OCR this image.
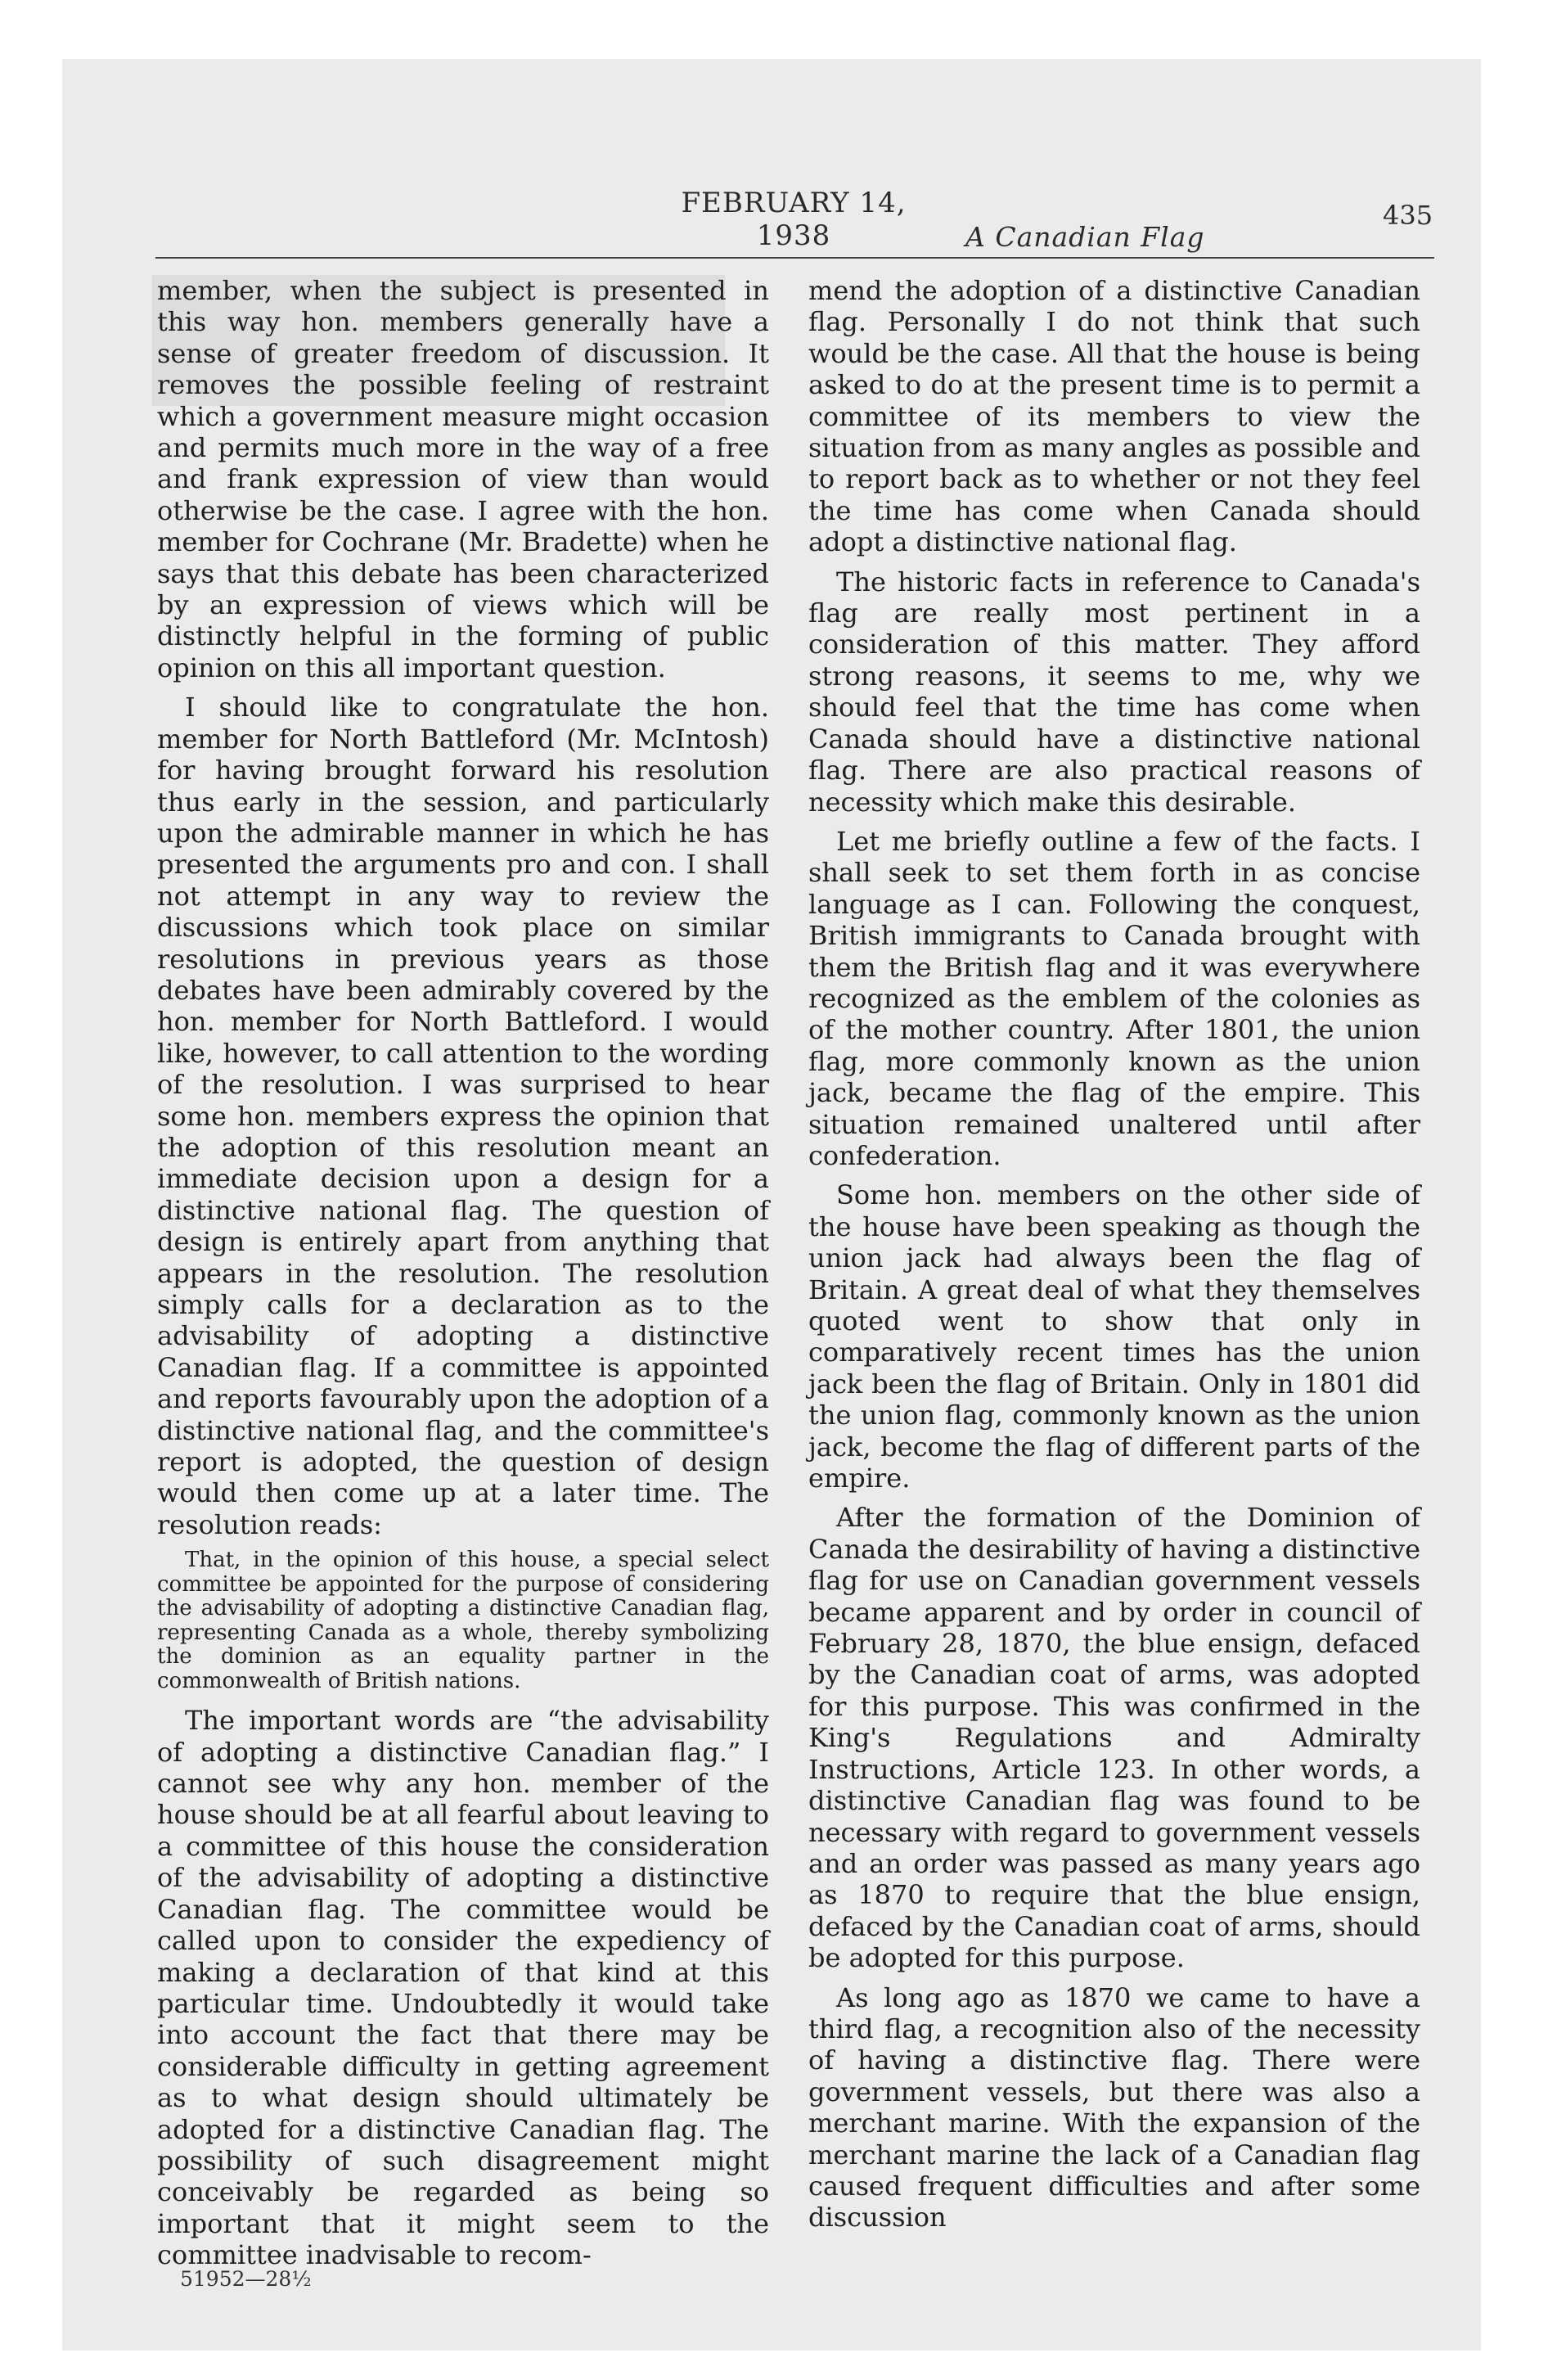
FEBRUARY 14, 1938	A Canadian Flag
435

member, when the subject is presented in this way hon. members generally have a sense of greater freedom of discussion. It removes the possible feeling of restraint which a government measure might occasion and permits much more in the way of a free and frank expression of view than would otherwise be the case. I agree with the hon. member for Cochrane (Mr. Bradette) when he says that this debate has been characterized by an expression of views which will be distinctly helpful in the forming of public opinion on this all important question.

I should like to congratulate the hon. member for North Battleford (Mr. McIntosh) for having brought forward his resolution thus early in the session, and particularly upon the admirable manner in which he has presented the arguments pro and con. I shall not attempt in any way to review the discussions which took place on similar resolutions in previous years as those debates have been admirably covered by the hon. member for North Battleford. I would like, however, to call attention to the wording of the resolution. I was surprised to hear some hon. members express the opinion that the adoption of this resolution meant an immediate decision upon a design for a distinctive national flag. The question of design is entirely apart from anything that appears in the resolution. The resolution simply calls for a declaration as to the advisability of adopting a distinctive Canadian flag. If a committee is appointed and reports favourably upon the adoption of a distinctive national flag, and the committee's report is adopted, the question of design would then come up at a later time. The resolution reads:

That, in the opinion of this house, a special select committee be appointed for the purpose of considering the advisability of adopting a distinctive Canadian flag, representing Canada as a whole, thereby symbolizing the dominion as an equality partner in the commonwealth of British nations.

The important words are “the advisability of adopting a distinctive Canadian flag.” I cannot see why any hon. member of the house should be at all fearful about leaving to a committee of this house the consideration of the advisability of adopting a distinctive Canadian flag. The committee would be called upon to consider the expediency of making a declaration of that kind at this particular time. Undoubtedly it would take into account the fact that there may be considerable difficulty in getting agreement as to what design should ultimately be adopted for a distinctive Canadian flag. The possibility of such disagreement might conceivably be regarded as being so important that it might seem to the committee inadvisable to recom-

51952—28½

mend the adoption of a distinctive Canadian flag. Personally I do not think that such would be the case. All that the house is being asked to do at the present time is to permit a committee of its members to view the situation from as many angles as possible and to report back as to whether or not they feel the time has come when Canada should adopt a distinctive national flag.

The historic facts in reference to Canada's flag are really most pertinent in a consideration of this matter. They afford strong reasons, it seems to me, why we should feel that the time has come when Canada should have a distinctive national flag. There are also practical reasons of necessity which make this desirable.

Let me briefly outline a few of the facts. I shall seek to set them forth in as concise language as I can. Following the conquest, British immigrants to Canada brought with them the British flag and it was everywhere recognized as the emblem of the colonies as of the mother country. After 1801, the union flag, more commonly known as the union jack, became the flag of the empire. This situation remained unaltered until after confederation.

Some hon. members on the other side of the house have been speaking as though the union jack had always been the flag of Britain. A great deal of what they themselves quoted went to show that only in comparatively recent times has the union jack been the flag of Britain. Only in 1801 did the union flag, commonly known as the union jack, become the flag of different parts of the empire.

After the formation of the Dominion of Canada the desirability of having a distinctive flag for use on Canadian government vessels became apparent and by order in council of February 28, 1870, the blue ensign, defaced by the Canadian coat of arms, was adopted for this purpose. This was confirmed in the King's Regulations and Admiralty Instructions, Article 123. In other words, a distinctive Canadian flag was found to be necessary with regard to government vessels and an order was passed as many years ago as 1870 to require that the blue ensign, defaced by the Canadian coat of arms, should be adopted for this purpose.

As long ago as 1870 we came to have a third flag, a recognition also of the necessity of having a distinctive flag. There were government vessels, but there was also a merchant marine. With the expansion of the merchant marine the lack of a Canadian flag caused frequent difficulties and after some discussion
